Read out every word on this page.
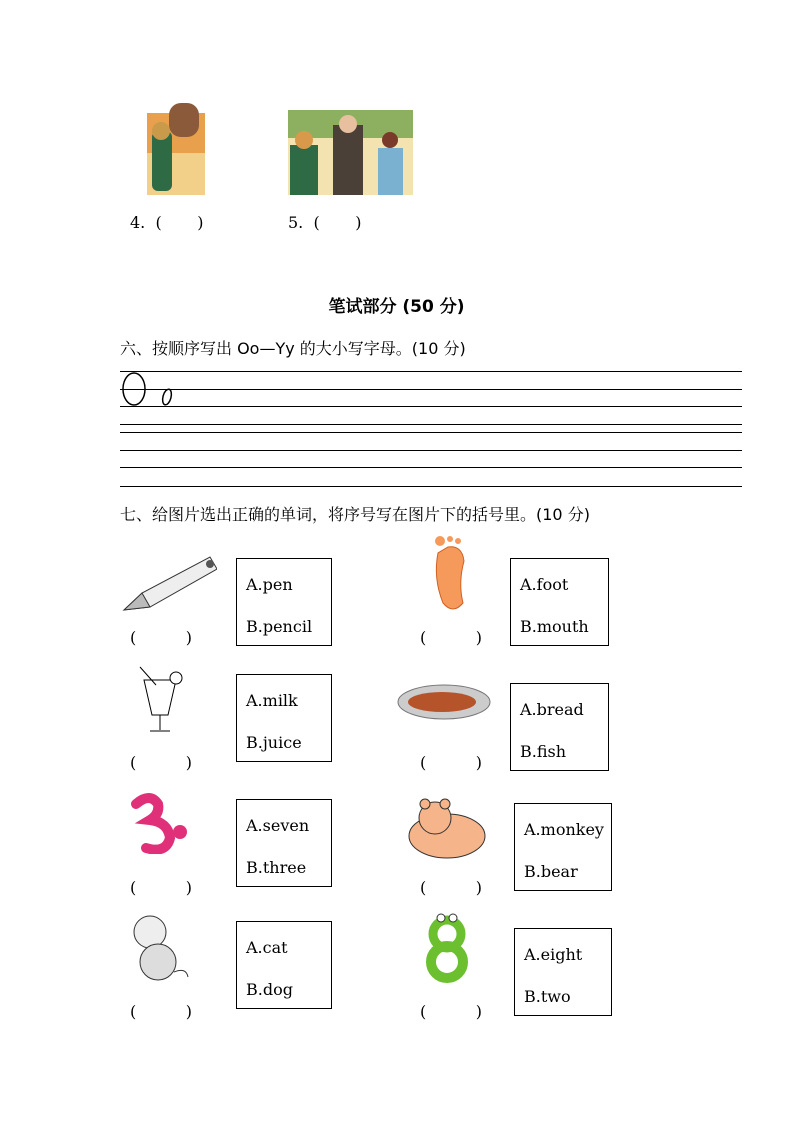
4. ( )	5. ( )
笔试部分 (50 分)
六、按顺序写出 Oo—Yy 的大小写字母。(10 分)
七、给图片选出正确的单词，将序号写在图片下的括号里。(10 分)
A.pen
B.pencil
A.foot
B.mouth
A.milk
B.juice
A.bread
B.fish
A.seven
B.three
A.monkey
B.bear
A.cat
B.dog
A.eight
B.two
(	)	(	)
(	)	(	)
(	)	(	)
(	)	(	)
